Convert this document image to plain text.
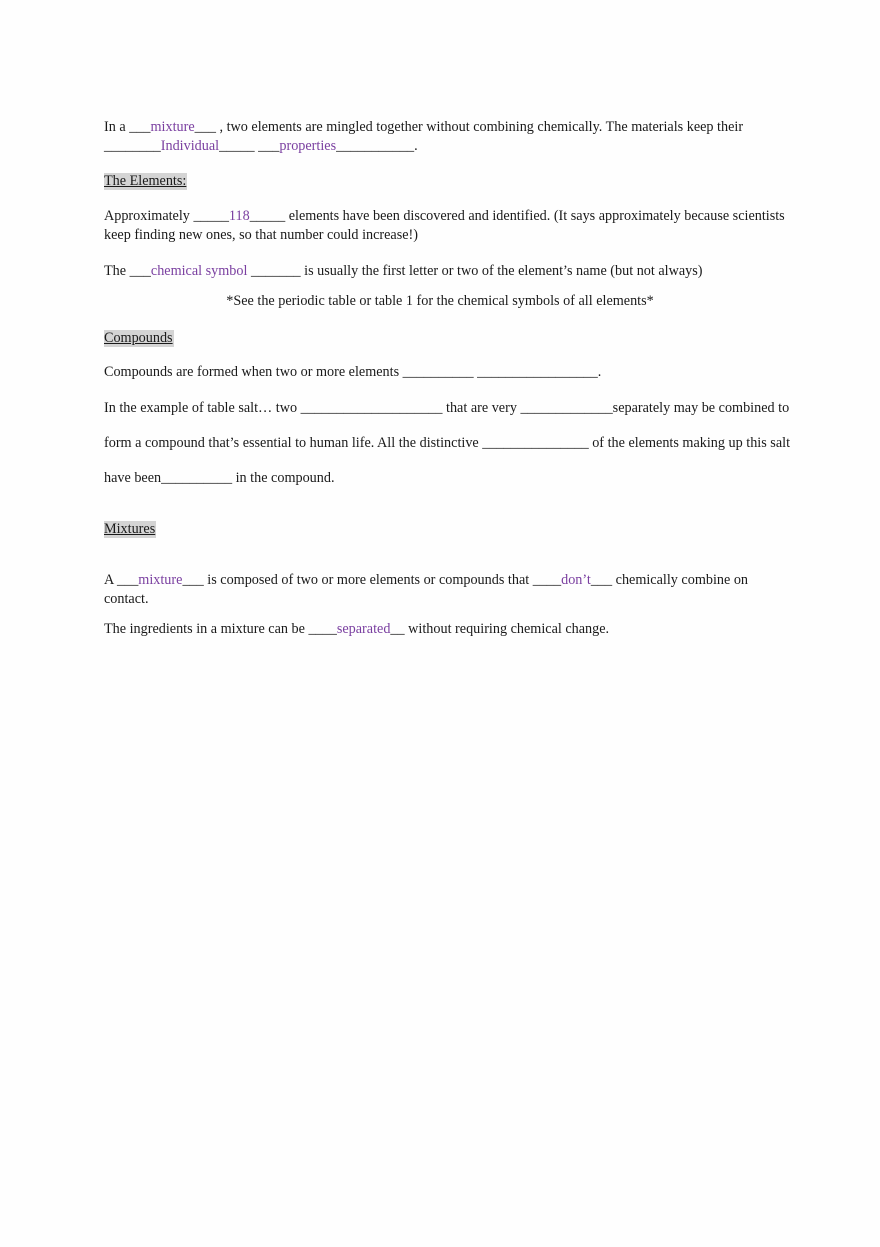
In a ___mixture___ , two elements are mingled together without combining chemically. The materials keep their
________Individual_____ ___properties___________.
The Elements:
Approximately _____118_____ elements have been discovered and identified. (It says approximately because scientists
keep finding new ones, so that number could increase!)
The ___chemical symbol _______ is usually the first letter or two of the element’s name (but not always)
*See the periodic table or table 1 for the chemical symbols of all elements*
Compounds
Compounds are formed when two or more elements __________ _________________.
In the example of table salt… two ____________________ that are very _____________separately may be combined to
form a compound that’s essential to human life. All the distinctive _______________ of the elements making up this salt
have been__________ in the compound.
Mixtures
A ___mixture___ is composed of two or more elements or compounds that ____don’t___ chemically combine on
contact.
The ingredients in a mixture can be ____separated__ without requiring chemical change.
